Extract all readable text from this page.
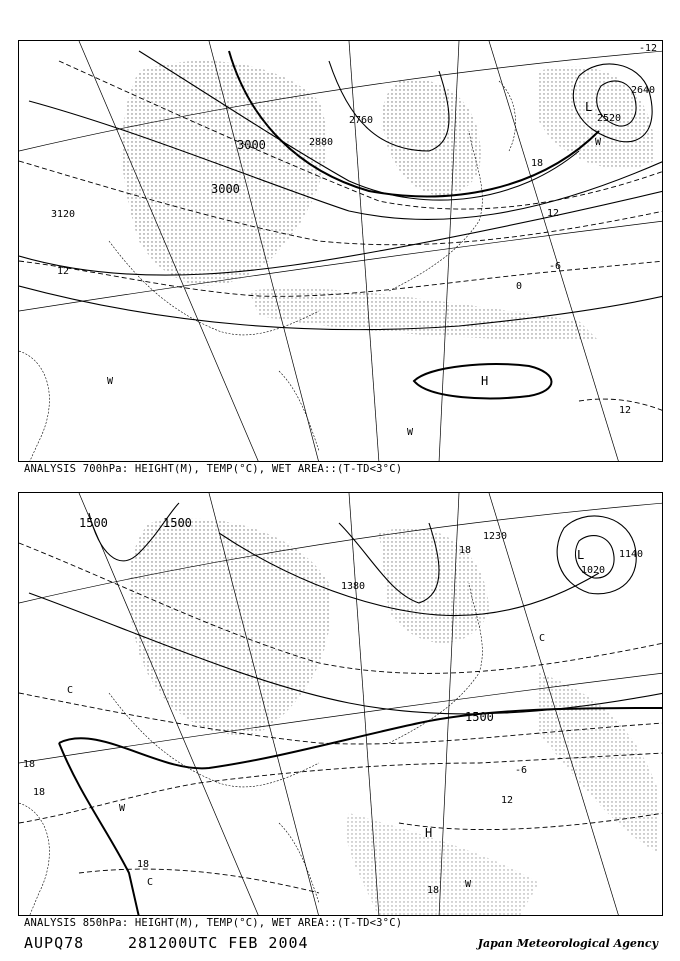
3000
3000
3120
2880
2760
2640
2520
12
12
12
18
-6
0
-12
L
H
W
W
W
ANALYSIS 700hPa: HEIGHT(M), TEMP(°C), WET AREA::(T-TD<3°C)
1500	1500
1380
1230
1140
1020
1500
18
18
18
18
12
18
-6
L
H
W
W
C
C
C
ANALYSIS 850hPa: HEIGHT(M), TEMP(°C), WET AREA::(T-TD<3°C)
AUPQ78	281200UTC FEB 2004	Japan Meteorological Agency
